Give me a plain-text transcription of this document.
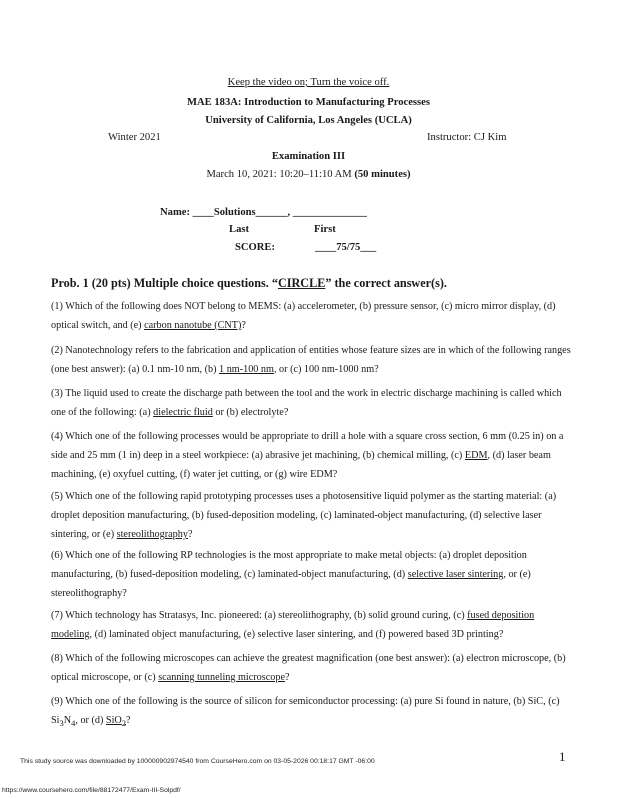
Keep the video on; Turn the voice off.
MAE 183A: Introduction to Manufacturing Processes
University of California, Los Angeles (UCLA)
Winter 2021	Instructor: CJ Kim
Examination III
March 10, 2021: 10:20–11:10 AM (50 minutes)
Name: ____Solutions______, ______________
Last	First
SCORE:	____75/75___
Prob. 1 (20 pts) Multiple choice questions. “CIRCLE” the correct answer(s).
(1) Which of the following does NOT belong to MEMS: (a) accelerometer, (b) pressure sensor, (c) micro mirror display, (d) optical switch, and (e) carbon nanotube (CNT)?
(2) Nanotechnology refers to the fabrication and application of entities whose feature sizes are in which of the following ranges (one best answer): (a) 0.1 nm-10 nm, (b) 1 nm-100 nm, or (c) 100 nm-1000 nm?
(3) The liquid used to create the discharge path between the tool and the work in electric discharge machining is called which one of the following: (a) dielectric fluid or (b) electrolyte?
(4) Which one of the following processes would be appropriate to drill a hole with a square cross section, 6 mm (0.25 in) on a side and 25 mm (1 in) deep in a steel workpiece: (a) abrasive jet machining, (b) chemical milling, (c) EDM, (d) laser beam machining, (e) oxyfuel cutting, (f) water jet cutting, or (g) wire EDM?
(5) Which one of the following rapid prototyping processes uses a photosensitive liquid polymer as the starting material: (a) droplet deposition manufacturing, (b) fused-deposition modeling, (c) laminated-object manufacturing, (d) selective laser sintering, or (e) stereolithography?
(6) Which one of the following RP technologies is the most appropriate to make metal objects: (a) droplet deposition manufacturing, (b) fused-deposition modeling, (c) laminated-object manufacturing, (d) selective laser sintering, or (e) stereolithography?
(7) Which technology has Stratasys, Inc. pioneered: (a) stereolithography, (b) solid ground curing, (c) fused deposition modeling, (d) laminated object manufacturing, (e) selective laser sintering, and (f) powered based 3D printing?
(8) Which of the following microscopes can achieve the greatest magnification (one best answer): (a) electron microscope, (b) optical microscope, or (c) scanning tunneling microscope?
(9) Which one of the following is the source of silicon for semiconductor processing: (a) pure Si found in nature, (b) SiC, (c) $Si_3N_4$, or (d) SiO$_2$?
This study source was downloaded by 100000902974540 from CourseHero.com on 03-05-2026 00:18:17 GMT -06:00	1
https://www.coursehero.com/file/88172477/Exam-III-Solpdf/
